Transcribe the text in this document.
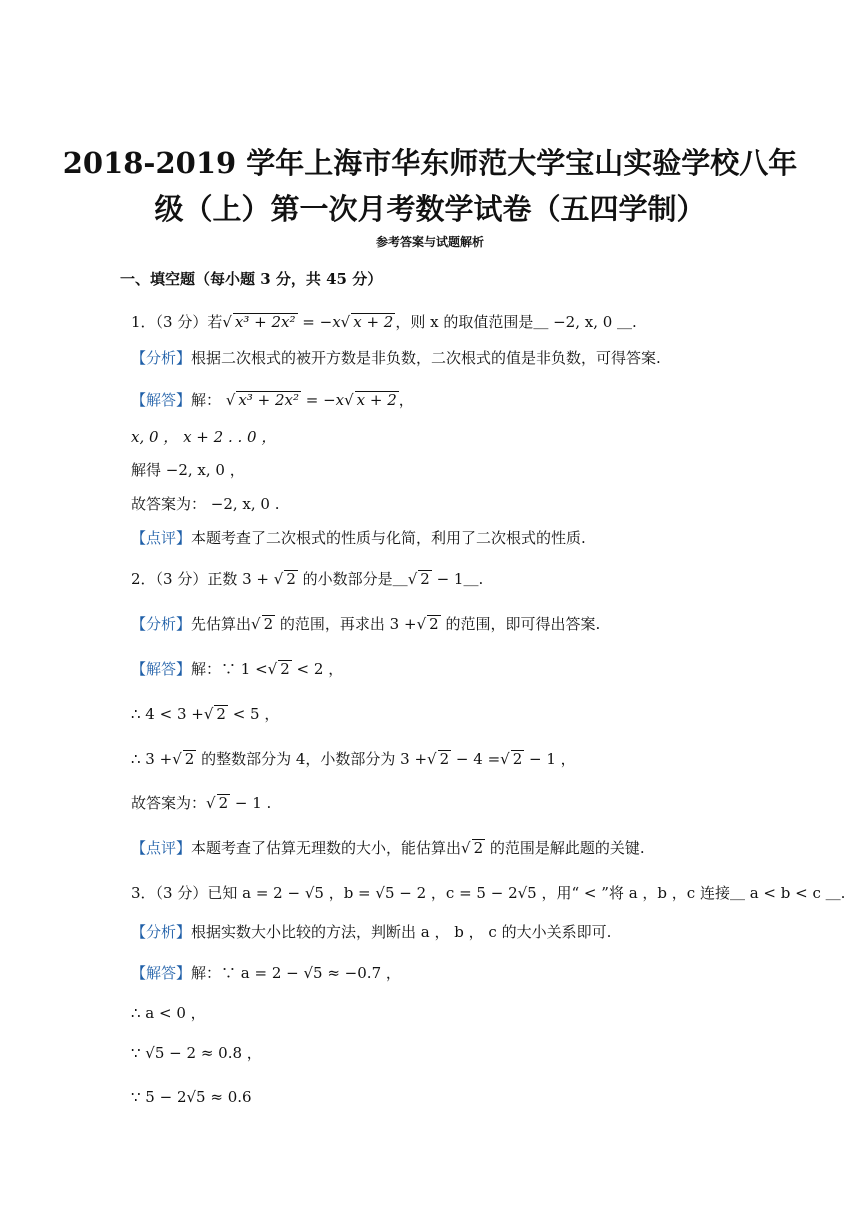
2018-2019 学年上海市华东师范大学宝山实验学校八年
级（上）第一次月考数学试卷（五四学制）
参考答案与试题解析
一、填空题（每小题 3 分，共 45 分）
1．（3 分）若√ x³ + 2x² = −x√ x + 2 ，则 x 的取值范围是＿ −2, x, 0 ＿.
【分析】根据二次根式的被开方数是非负数，二次根式的值是非负数，可得答案.
【解答】解： √ x³ + 2x² = −x√ x + 2 ，
x, 0 ， x + 2 . . 0 ，
解得 −2, x, 0 ，
故答案为： −2, x, 0 .
【点评】本题考查了二次根式的性质与化简，利用了二次根式的性质.
2．（3 分）正数 3 + √ 2 的小数部分是＿√ 2 − 1＿.
【分析】先估算出√ 2 的范围，再求出 3 +√ 2 的范围，即可得出答案.
【解答】解：∵ 1 <√ 2 < 2 ，
∴ 4 < 3 +√ 2 < 5 ，
∴ 3 +√ 2 的整数部分为 4，小数部分为 3 +√ 2 − 4 =√ 2 − 1 ，
故答案为：√ 2 − 1 .
【点评】本题考查了估算无理数的大小，能估算出√ 2 的范围是解此题的关键.
3．（3 分）已知 a = 2 − √5 ，b = √5 − 2 ，c = 5 − 2√5 ，用“ < ”将 a ，b ，c 连接＿ a < b < c ＿.
【分析】根据实数大小比较的方法，判断出 a ， b ， c 的大小关系即可.
【解答】解：∵ a = 2 − √5 ≈ −0.7 ，
∴ a < 0 ，
∵ √5 − 2 ≈ 0.8 ，
∵ 5 − 2√5 ≈ 0.6
